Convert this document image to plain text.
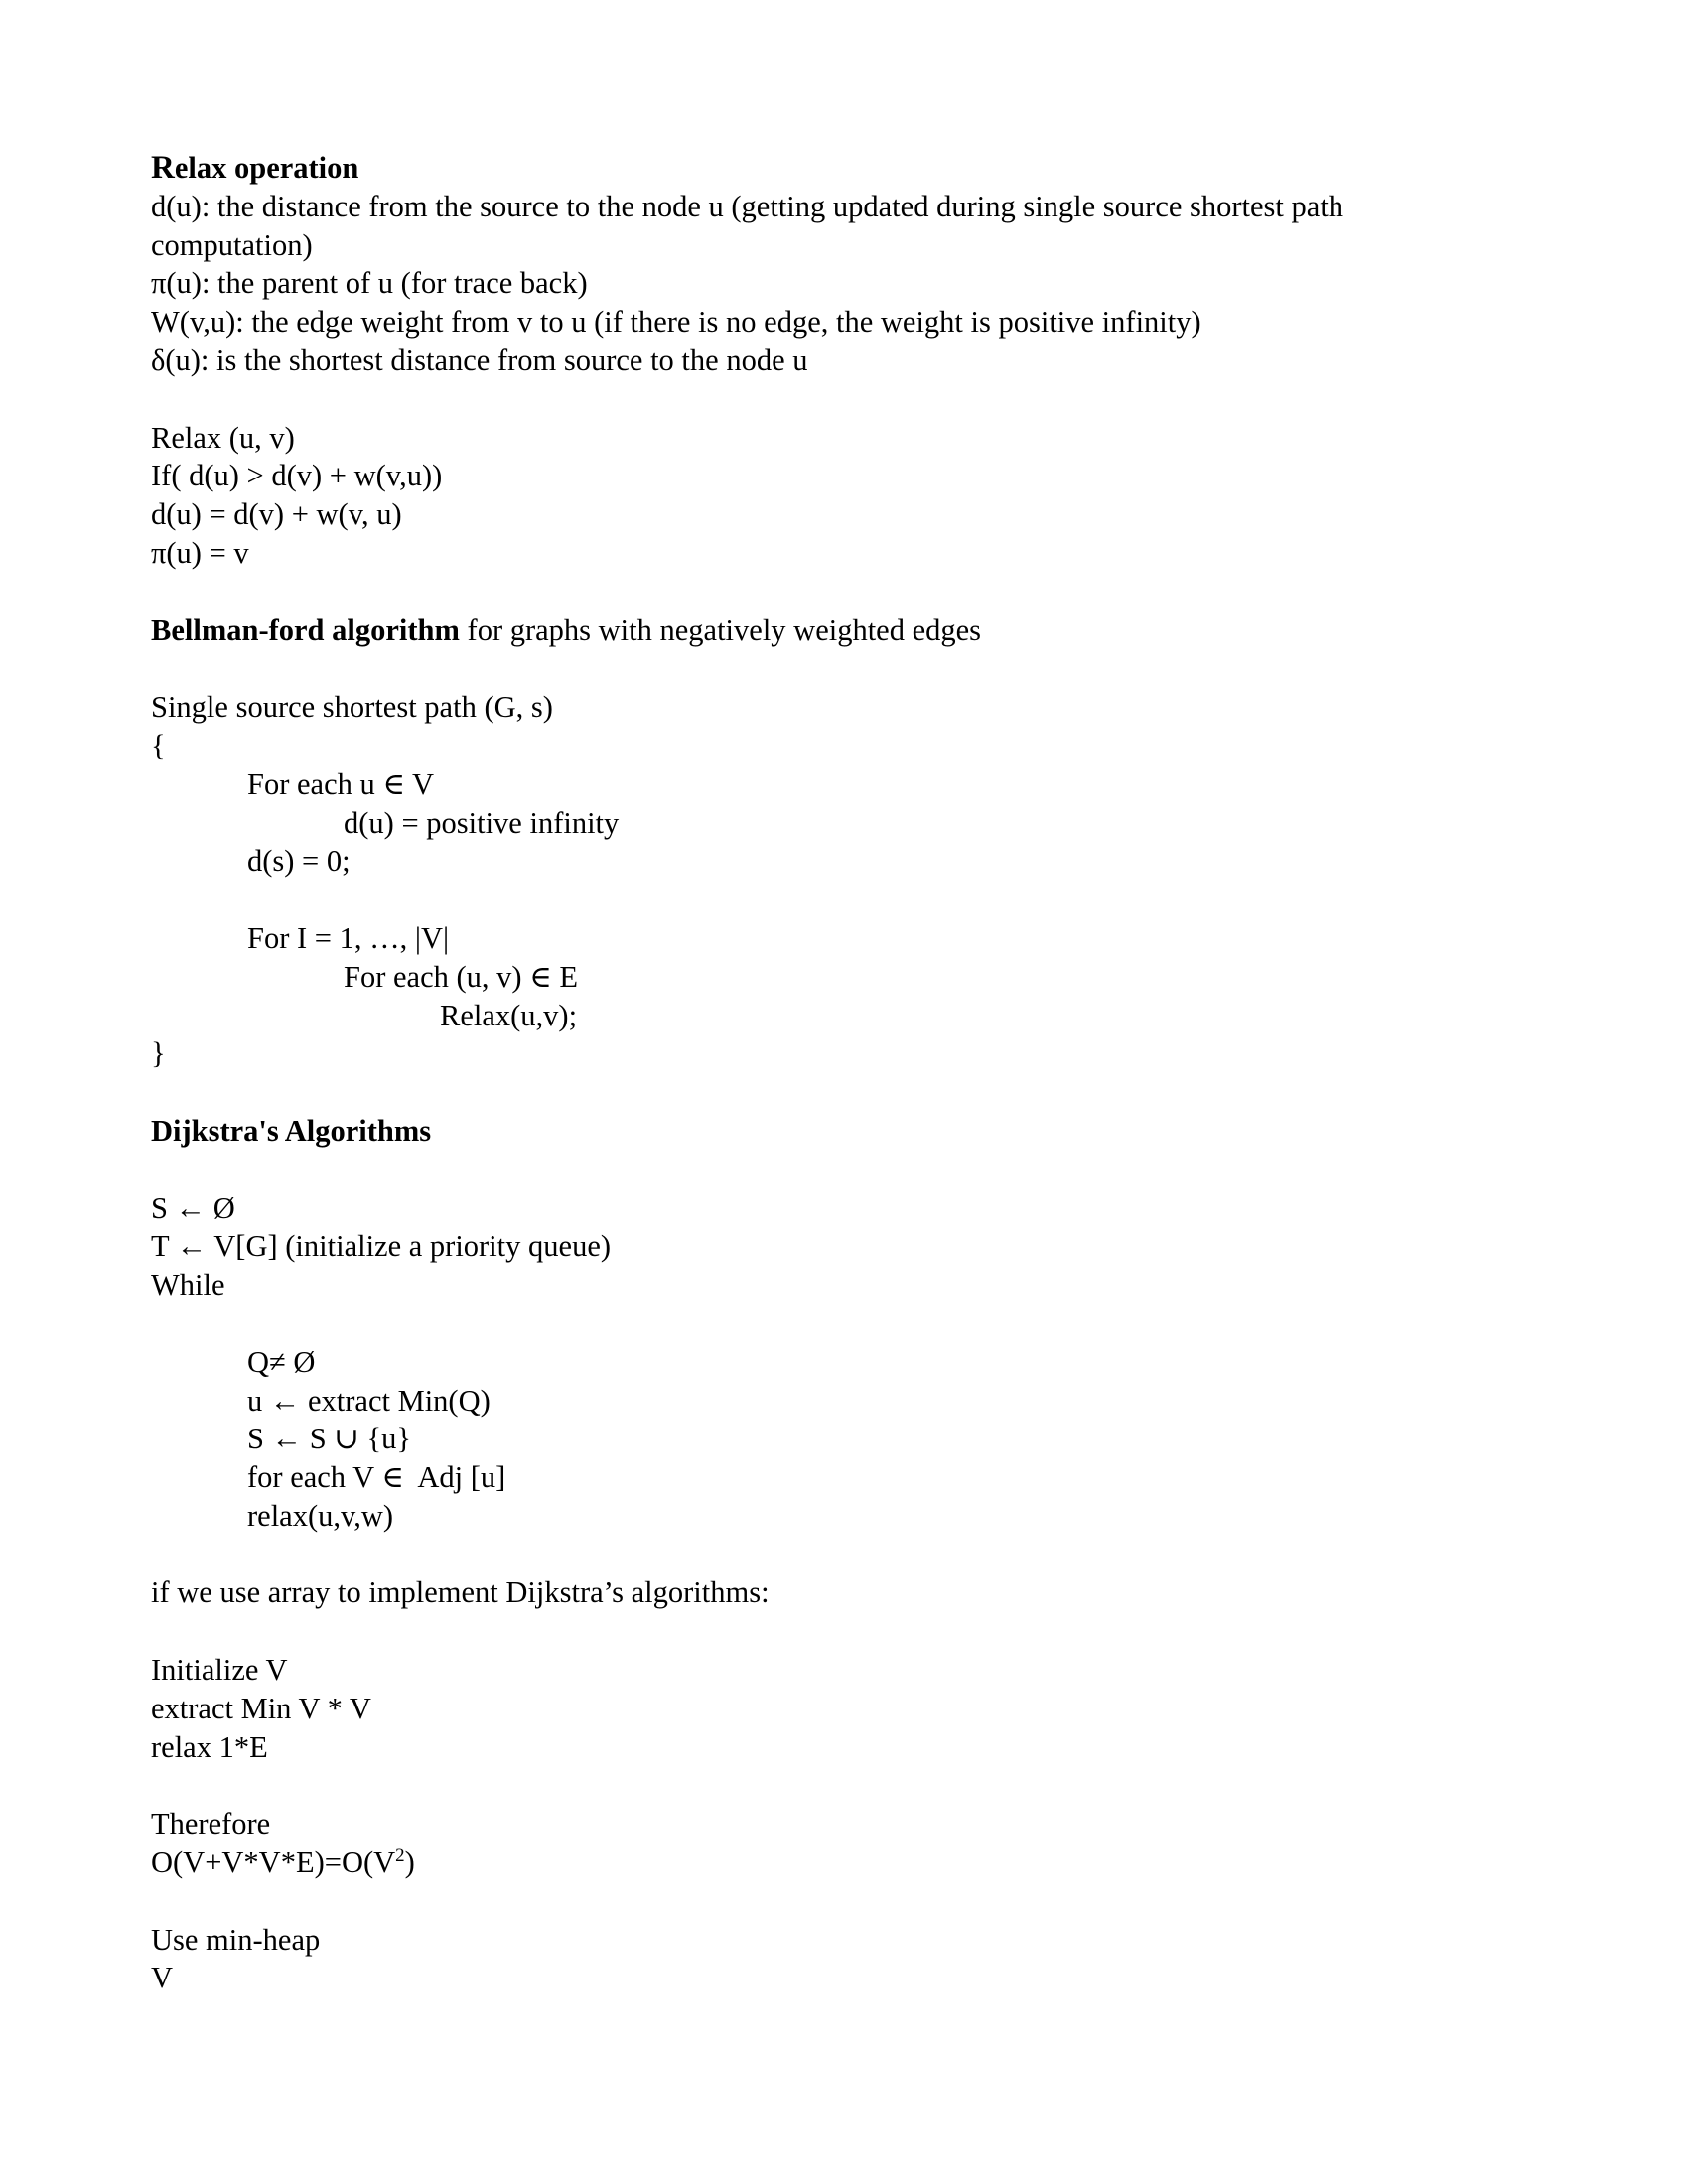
Relax operation
d(u): the distance from the source to the node u (getting updated during single source shortest path computation)
π(u): the parent of u (for trace back)
W(v,u): the edge weight from v to u (if there is no edge, the weight is positive infinity)
δ(u): is the shortest distance from source to the node u
Relax (u, v)
If( d(u) > d(v) + w(v,u))
d(u) = d(v) + w(v, u)
π(u) = v
Bellman-ford algorithm for graphs with negatively weighted edges
Single source shortest path (G, s)
{
For each u ∈ V
d(u) = positive infinity
d(s) = 0;
For I = 1, …, |V|
For each (u, v) ∈ E
Relax(u,v);
}
Dijkstra's Algorithms
S ← Ø
T ← V[G] (initialize a priority queue)
While
Q≠ Ø
u ← extract Min(Q)
S ← S ∪ {u}
for each V ∈  Adj [u]
relax(u,v,w)
if we use array to implement Dijkstra’s algorithms:
Initialize V
extract Min V * V
relax 1*E
Therefore
$O(V+V*V*E)=O(V^2)$
Use min-heap
V
